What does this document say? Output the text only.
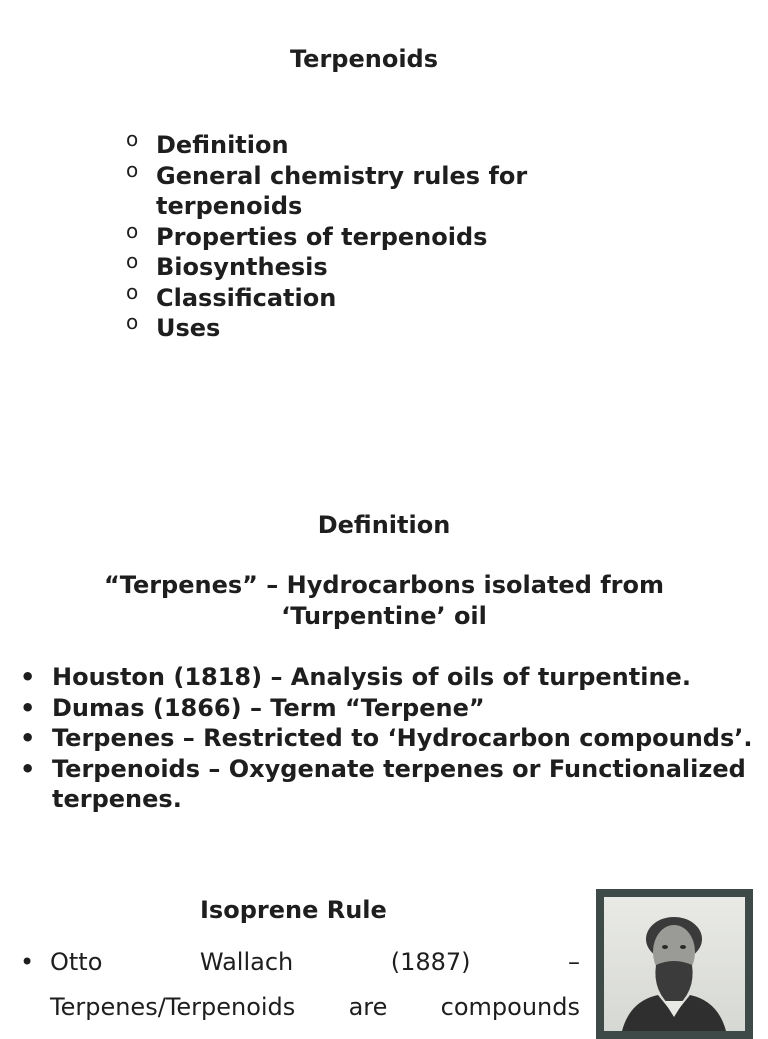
Terpenoids
o Definition
o General chemistry rules for terpenoids
o Properties of terpenoids
o Biosynthesis
o Classification
o Uses
Definition
“Terpenes” – Hydrocarbons isolated from ‘Turpentine’ oil
• Houston (1818) – Analysis of oils of turpentine.
• Dumas (1866) – Term “Terpene”
• Terpenes – Restricted to ‘Hydrocarbon compounds’.
• Terpenoids – Oxygenate terpenes or Functionalized terpenes.
Isoprene Rule
• Otto Wallach (1887) –
Terpenes/Terpenoids are compounds
